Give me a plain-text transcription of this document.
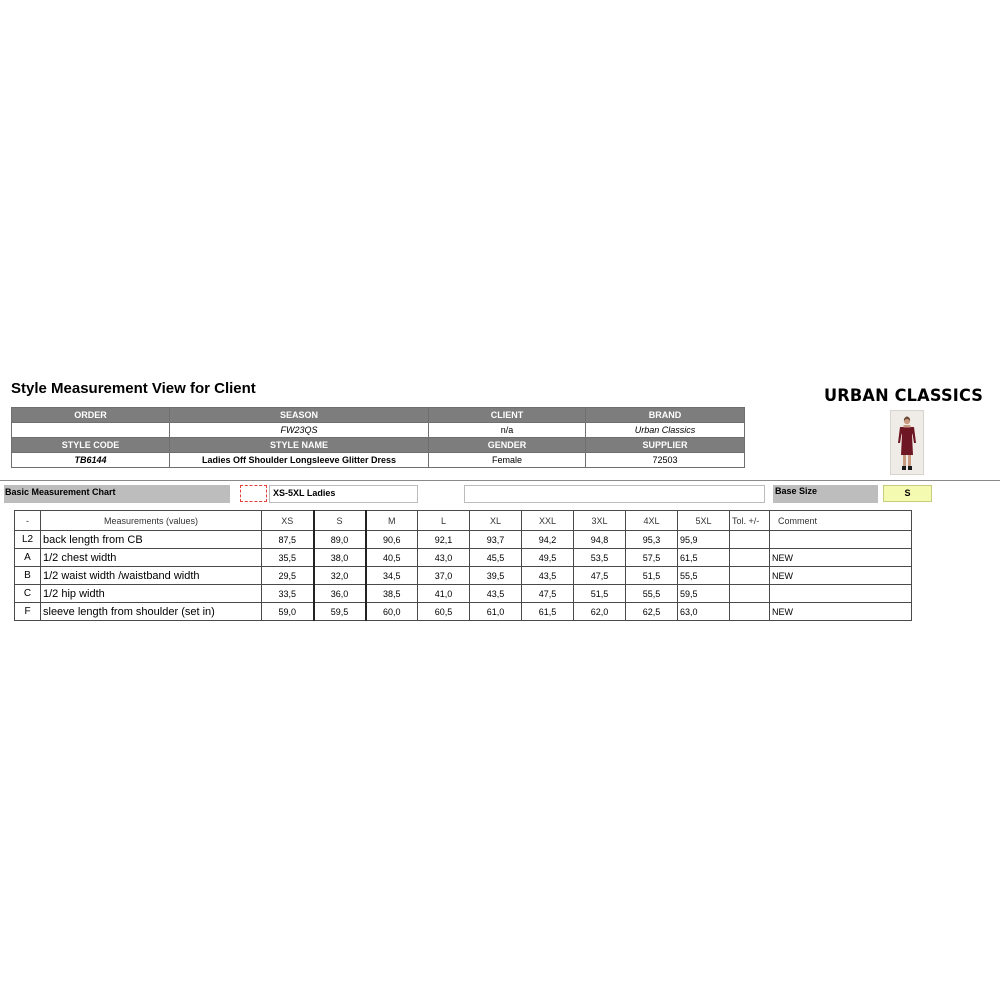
Style Measurement View for Client	URBAN CLASSICS
ORDER	SEASON	CLIENT	BRAND
	FW23QS	n/a	Urban Classics
STYLE CODE	STYLE NAME	GENDER	SUPPLIER
TB6144	Ladies Off Shoulder Longsleeve Glitter Dress	Female	72503
Basic Measurement Chart	XS-5XL Ladies	Base Size	S
-	Measurements (values)	XS	S	M	L	XL	XXL	3XL	4XL	5XL	Tol. +/-	Comment
L2	back length from CB	87,5	89,0	90,6	92,1	93,7	94,2	94,8	95,3	95,9		
A	1/2 chest width	35,5	38,0	40,5	43,0	45,5	49,5	53,5	57,5	61,5		NEW
B	1/2 waist width /waistband width	29,5	32,0	34,5	37,0	39,5	43,5	47,5	51,5	55,5		NEW
C	1/2 hip width	33,5	36,0	38,5	41,0	43,5	47,5	51,5	55,5	59,5		
F	sleeve length from shoulder (set in)	59,0	59,5	60,0	60,5	61,0	61,5	62,0	62,5	63,0		NEW
